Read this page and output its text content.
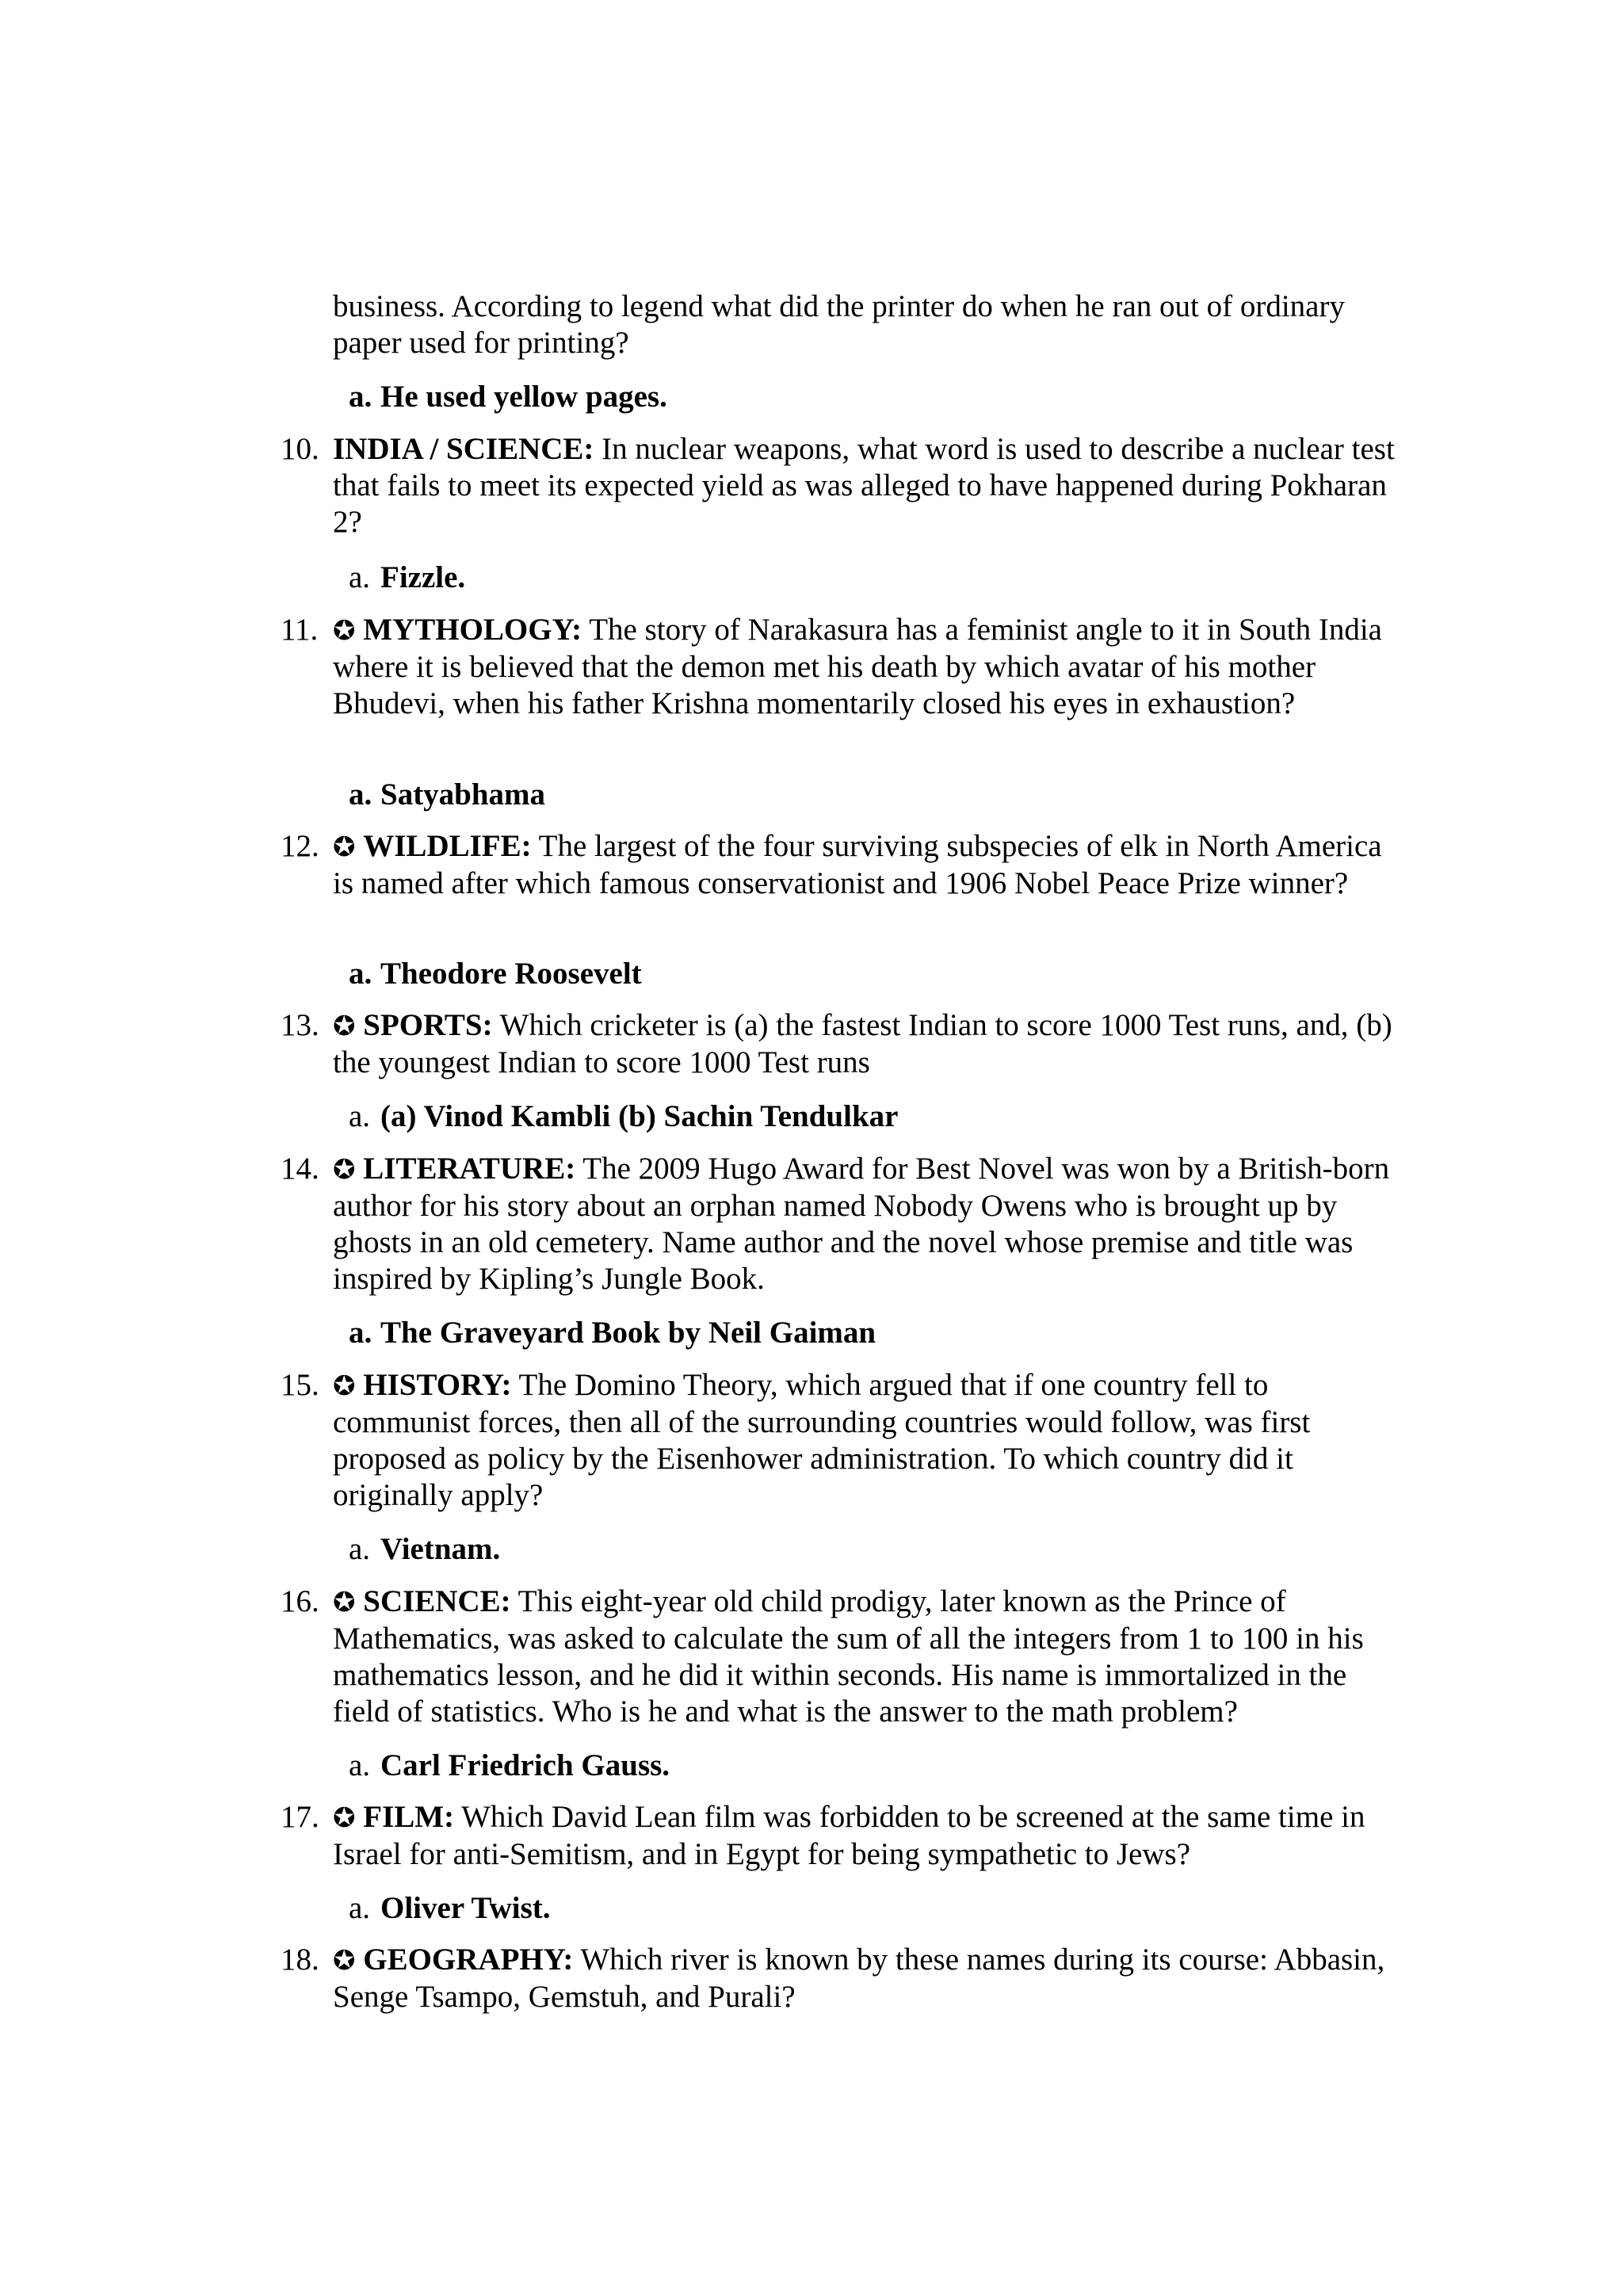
business. According to legend what did the printer do when he ran out of ordinary paper used for printing?

a. He used yellow pages.

10. INDIA / SCIENCE: In nuclear weapons, what word is used to describe a nuclear test that fails to meet its expected yield as was alleged to have happened during Pokharan 2?

a. Fizzle.

11. ✪ MYTHOLOGY: The story of Narakasura has a feminist angle to it in South India where it is believed that the demon met his death by which avatar of his mother Bhudevi, when his father Krishna momentarily closed his eyes in exhaustion?

a. Satyabhama

12. ✪ WILDLIFE: The largest of the four surviving subspecies of elk in North America is named after which famous conservationist and 1906 Nobel Peace Prize winner?

a. Theodore Roosevelt

13. ✪ SPORTS: Which cricketer is (a) the fastest Indian to score 1000 Test runs, and, (b) the youngest Indian to score 1000 Test runs

a. (a) Vinod Kambli (b) Sachin Tendulkar

14. ✪ LITERATURE: The 2009 Hugo Award for Best Novel was won by a British-born author for his story about an orphan named Nobody Owens who is brought up by ghosts in an old cemetery. Name author and the novel whose premise and title was inspired by Kipling’s Jungle Book.

a. The Graveyard Book by Neil Gaiman

15. ✪ HISTORY: The Domino Theory, which argued that if one country fell to communist forces, then all of the surrounding countries would follow, was first proposed as policy by the Eisenhower administration. To which country did it originally apply?

a. Vietnam.

16. ✪ SCIENCE: This eight-year old child prodigy, later known as the Prince of Mathematics, was asked to calculate the sum of all the integers from 1 to 100 in his mathematics lesson, and he did it within seconds. His name is immortalized in the field of statistics. Who is he and what is the answer to the math problem?

a. Carl Friedrich Gauss.

17. ✪ FILM: Which David Lean film was forbidden to be screened at the same time in Israel for anti-Semitism, and in Egypt for being sympathetic to Jews?

a. Oliver Twist.

18. ✪ GEOGRAPHY: Which river is known by these names during its course: Abbasin, Senge Tsampo, Gemstuh, and Purali?
